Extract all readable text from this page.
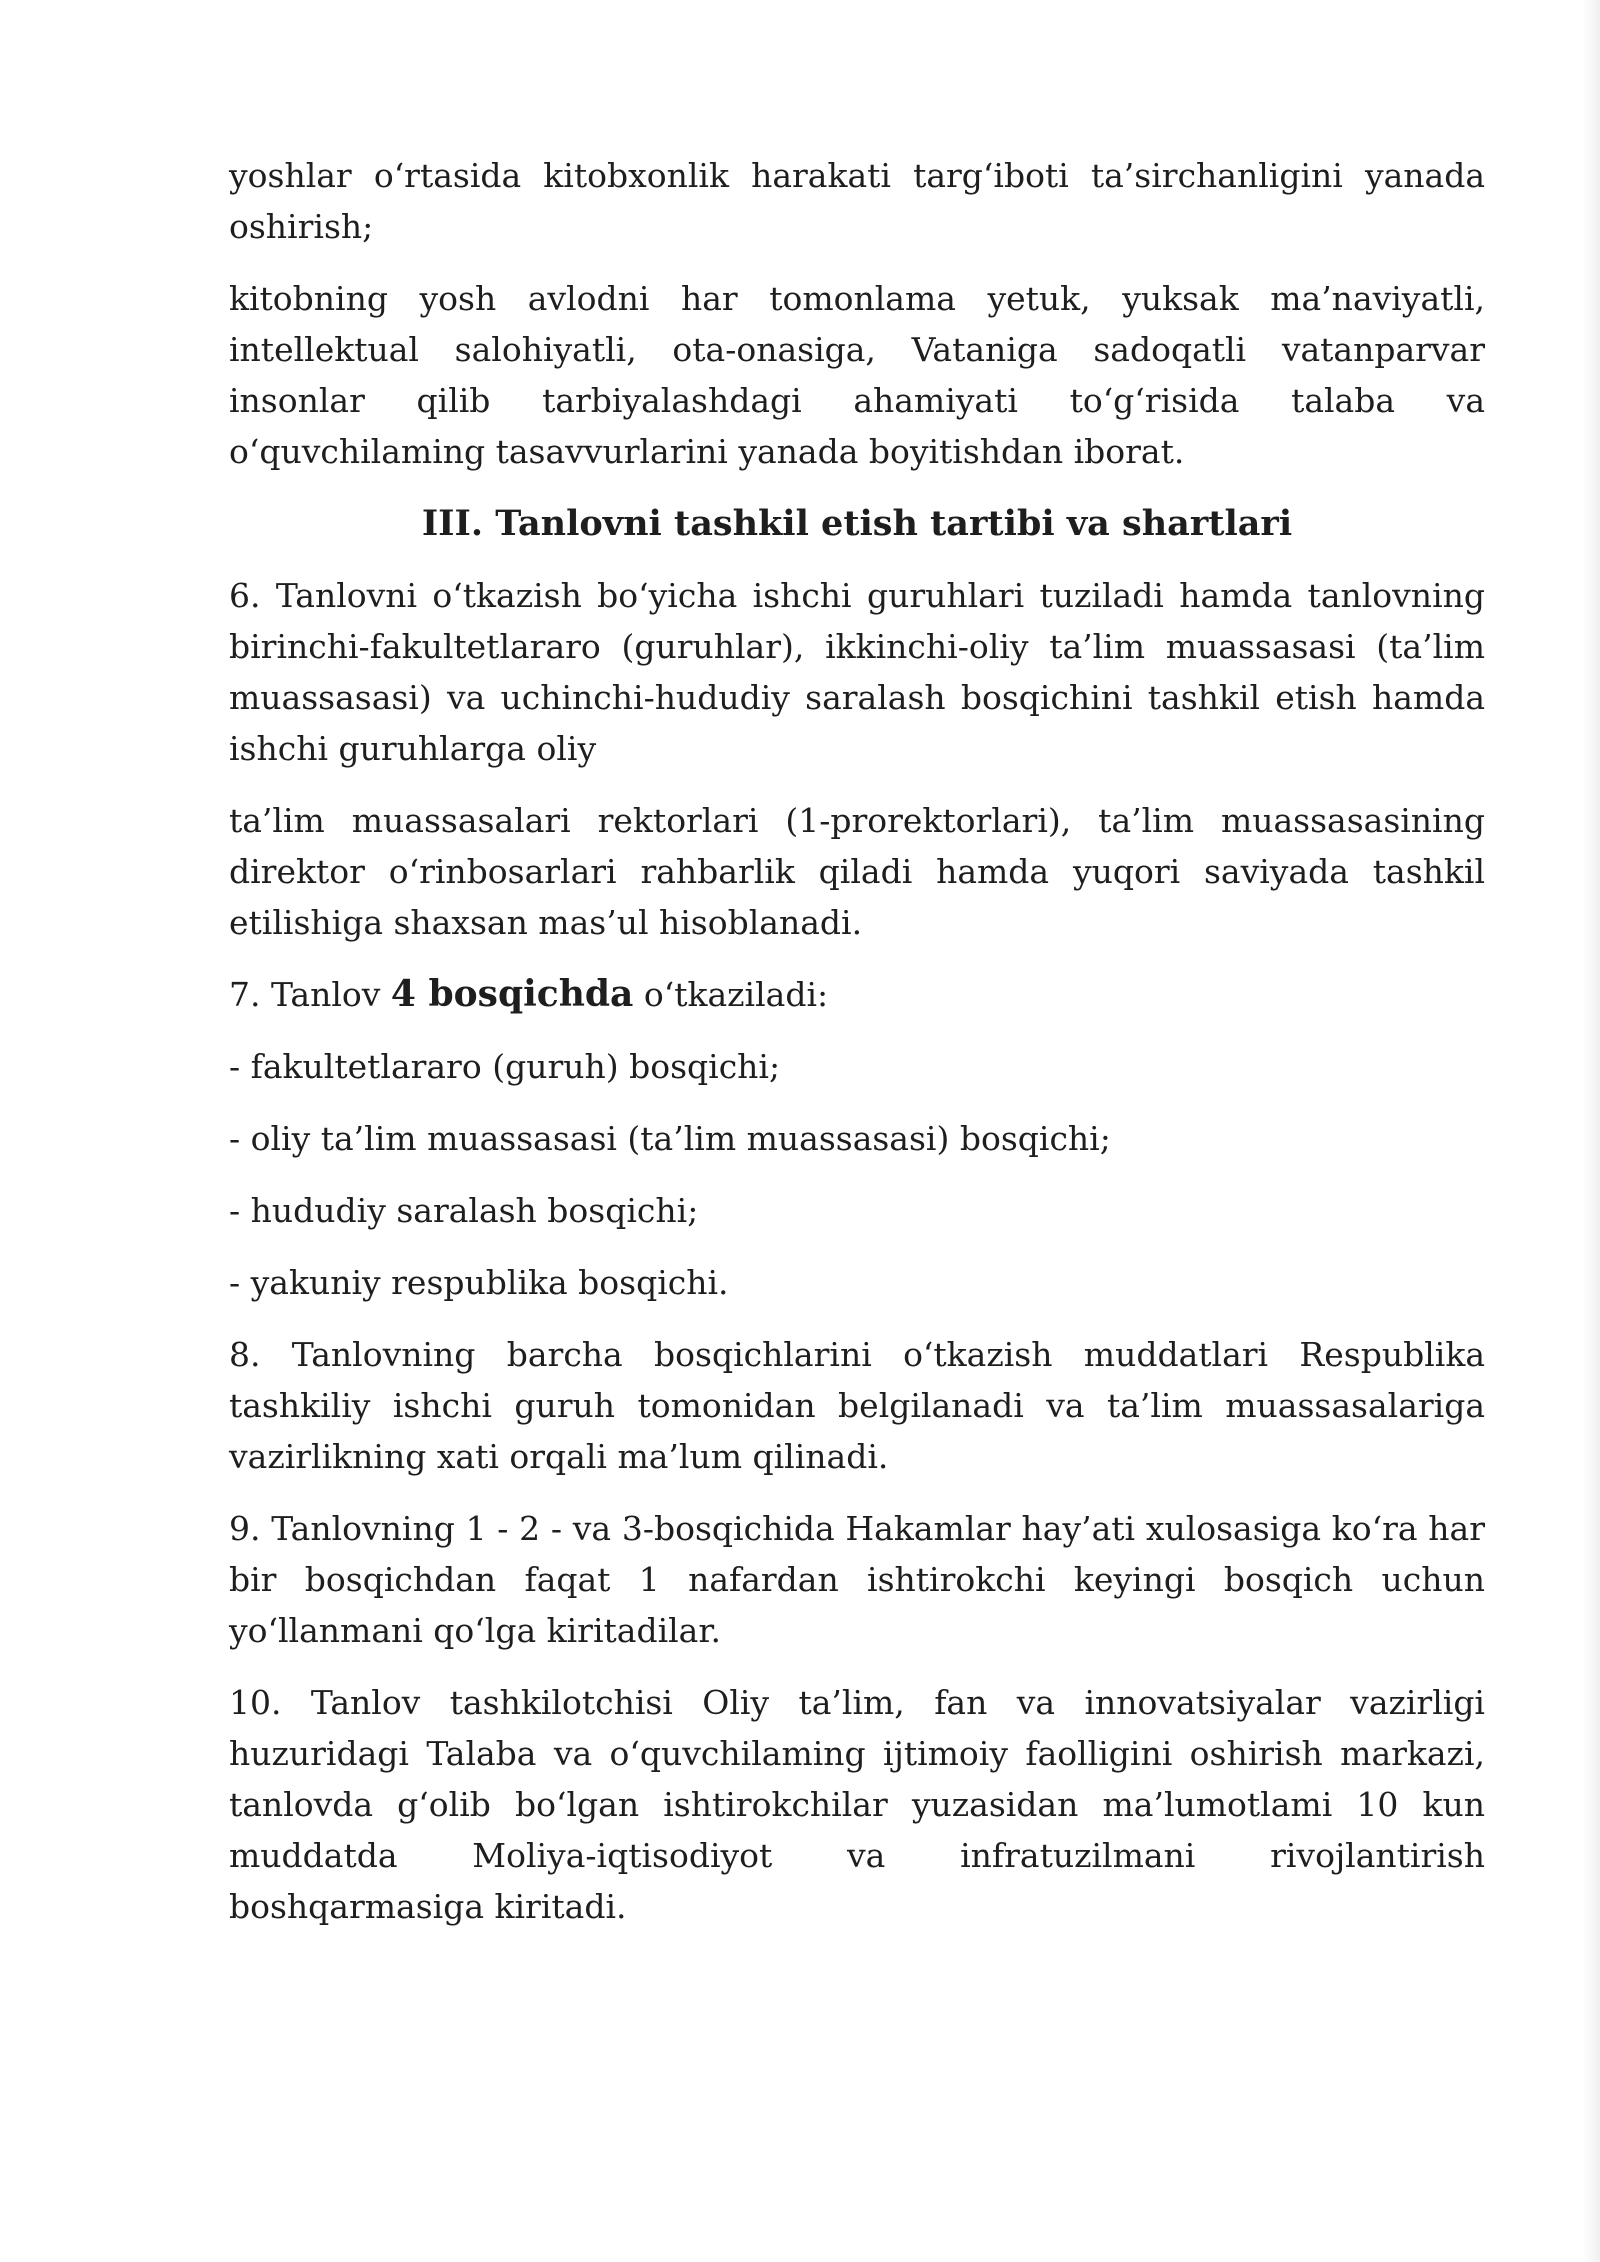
yoshlar o‘rtasida kitobxonlik harakati targ‘iboti ta’sirchanligini yanada oshirish;

kitobning yosh avlodni har tomonlama yetuk, yuksak ma’naviyatli, intellektual salohiyatli, ota-onasiga, Vataniga sadoqatli vatanparvar insonlar qilib tarbiyalashdagi ahamiyati to‘g‘risida talaba va o‘quvchilaming tasavvurlarini yanada boyitishdan iborat.

III. Tanlovni tashkil etish tartibi va shartlari

6. Tanlovni o‘tkazish bo‘yicha ishchi guruhlari tuziladi hamda tanlovning birinchi-fakultetlararo (guruhlar), ikkinchi-oliy ta’lim muassasasi (ta’lim muassasasi) va uchinchi-hududiy saralash bosqichini tashkil etish hamda ishchi guruhlarga oliy

ta’lim muassasalari rektorlari (1-prorektorlari), ta’lim muassasasining direktor o‘rinbosarlari rahbarlik qiladi hamda yuqori saviyada tashkil etilishiga shaxsan mas’ul hisoblanadi.

7. Tanlov 4 bosqichda o‘tkaziladi:

- fakultetlararo (guruh) bosqichi;

- oliy ta’lim muassasasi (ta’lim muassasasi) bosqichi;

- hududiy saralash bosqichi;

- yakuniy respublika bosqichi.

8. Tanlovning barcha bosqichlarini o‘tkazish muddatlari Respublika tashkiliy ishchi guruh tomonidan belgilanadi va ta’lim muassasalariga vazirlikning xati orqali ma’lum qilinadi.

9. Tanlovning 1 - 2 - va 3-bosqichida Hakamlar hay’ati xulosasiga ko‘ra har bir bosqichdan faqat 1 nafardan ishtirokchi keyingi bosqich uchun yo‘llanmani qo‘lga kiritadilar.

10. Tanlov tashkilotchisi Oliy ta’lim, fan va innovatsiyalar vazirligi huzuridagi Talaba va o‘quvchilaming ijtimoiy faolligini oshirish markazi, tanlovda g‘olib bo‘lgan ishtirokchilar yuzasidan ma’lumotlami 10 kun muddatda Moliya-iqtisodiyot va infratuzilmani rivojlantirish boshqarmasiga kiritadi.
